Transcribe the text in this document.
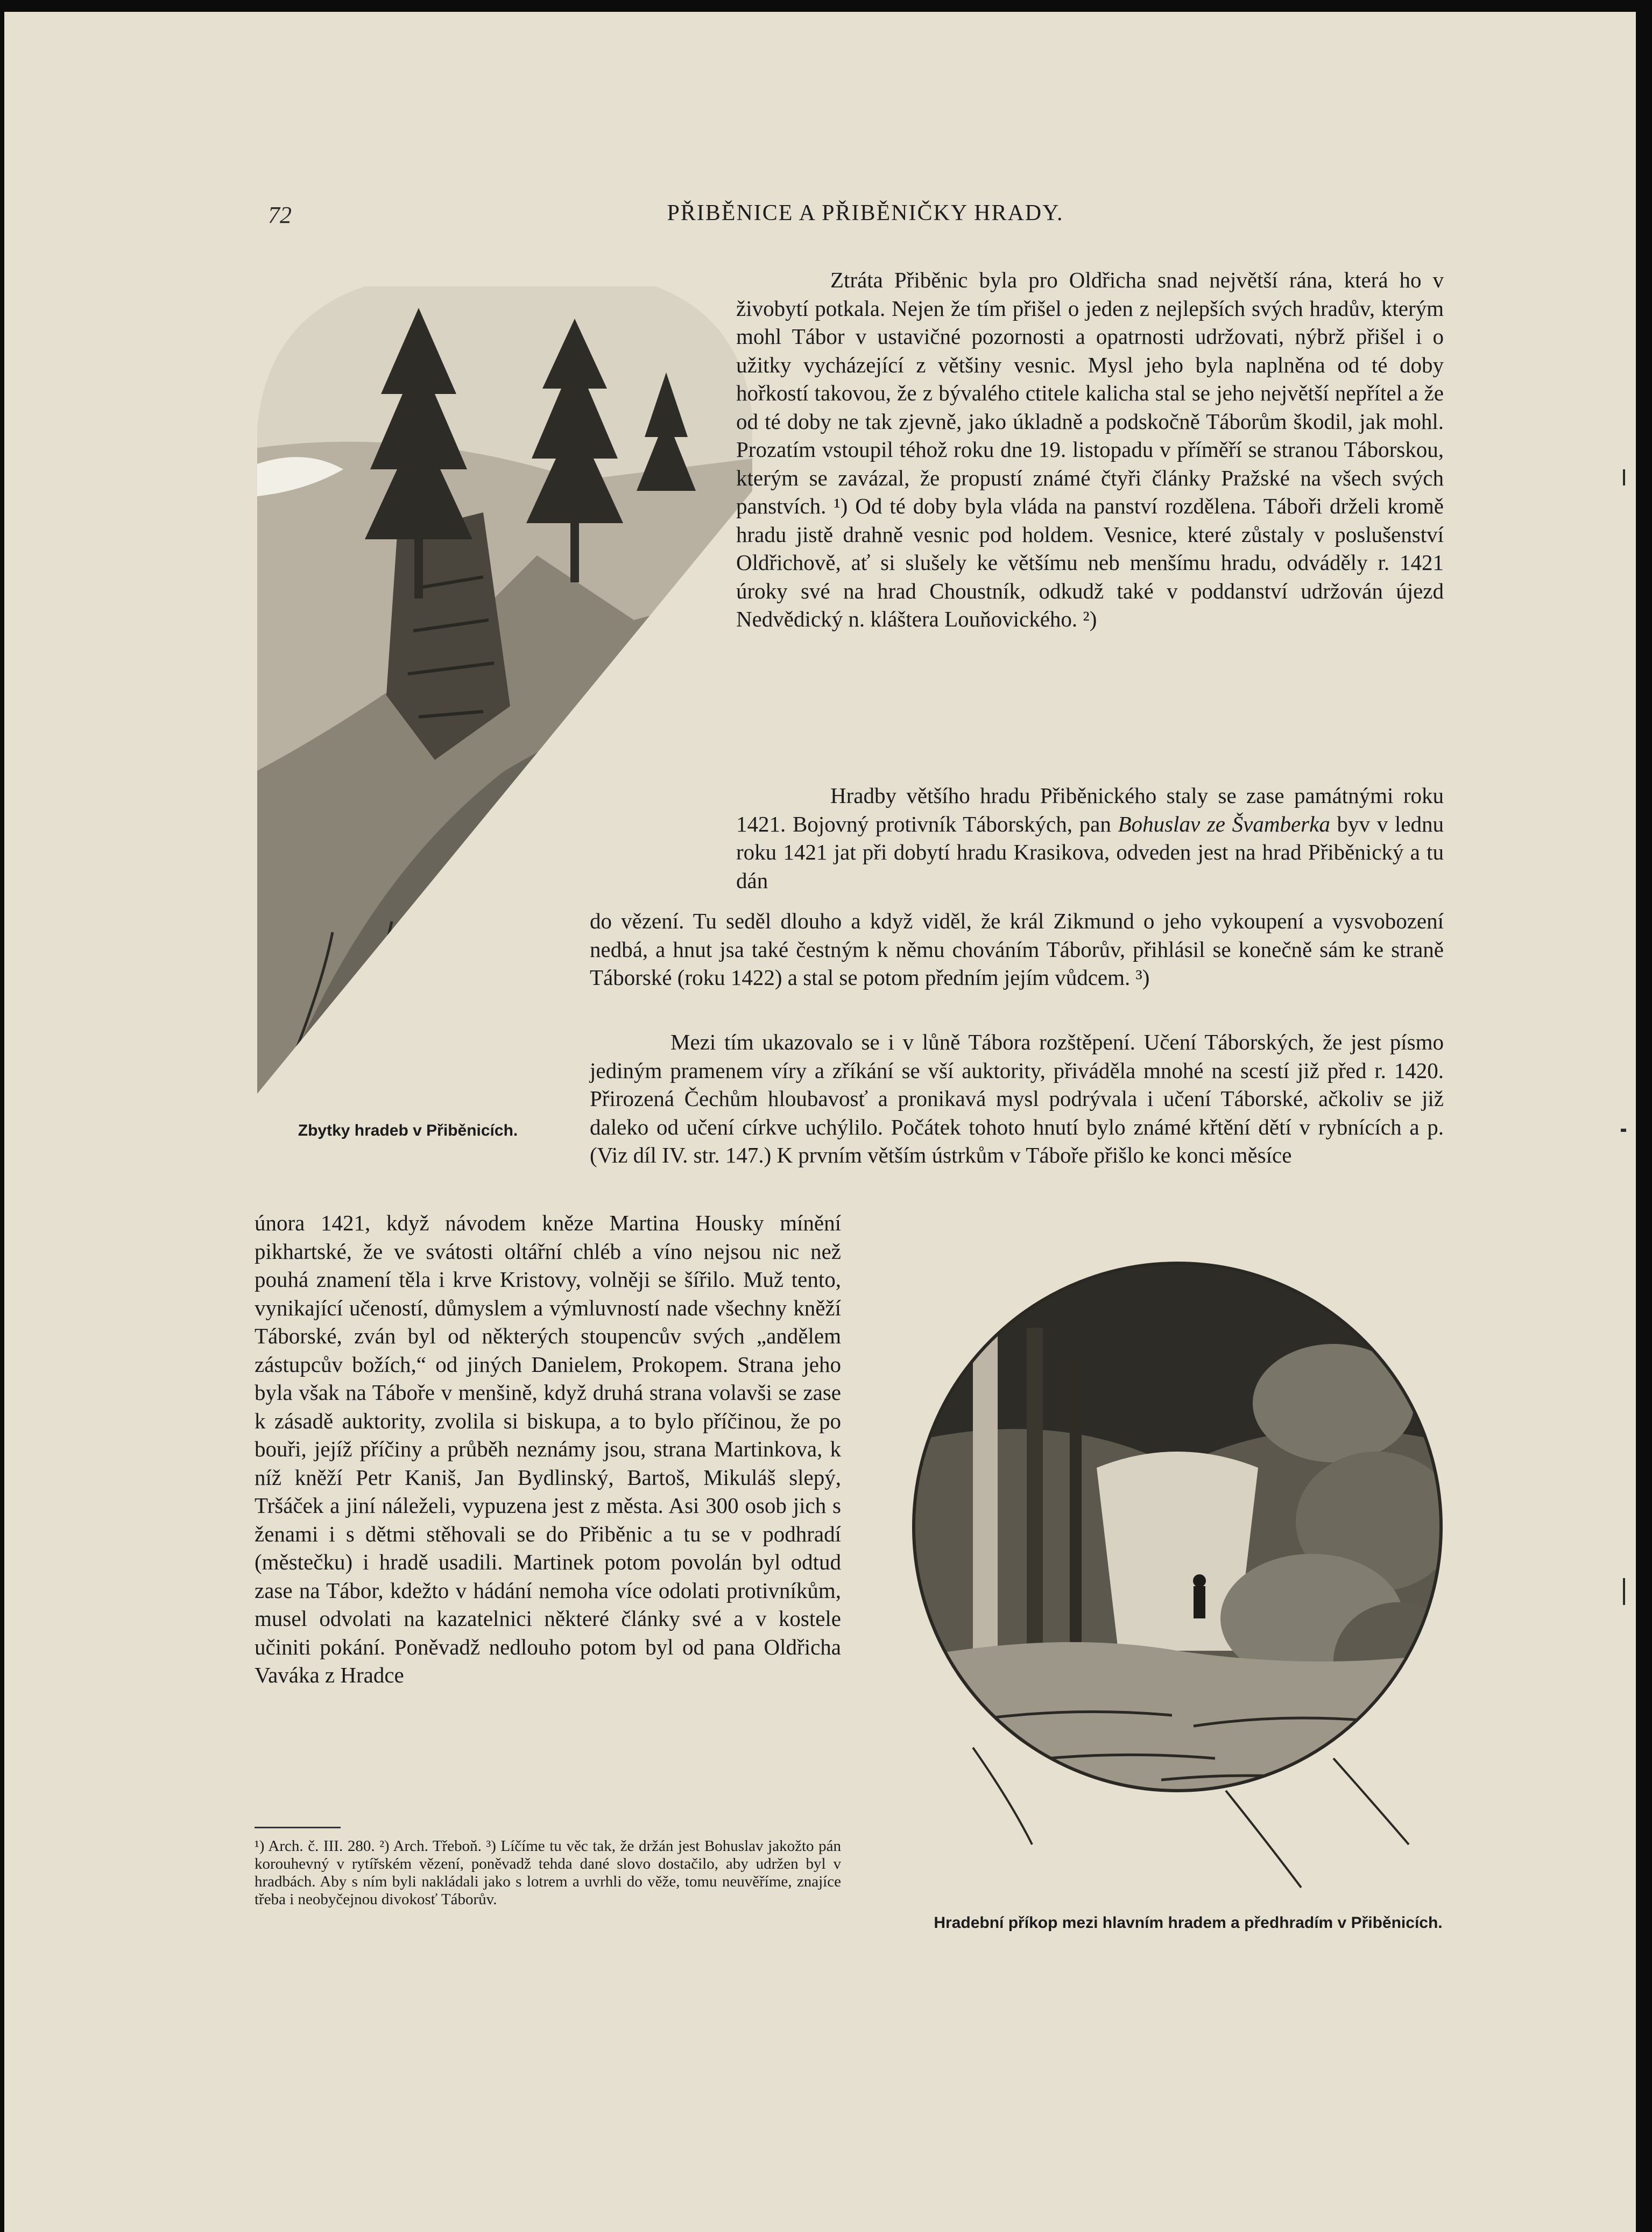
72	PŘIBĚNICE A PŘIBĚNIČKY HRADY.
Zbytky hradeb v Přiběnicích.

Ztráta Přiběnic byla pro Oldřicha snad největší rána, která ho v živobytí potkala. Nejen že tím přišel o jeden z nejlepších svých hradův, kterým mohl Tábor v ustavičné pozornosti a opatrnosti udržovati, nýbrž přišel i o užitky vycházející z většiny vesnic. Mysl jeho byla naplněna od té doby hořkostí takovou, že z bývalého ctitele kalicha stal se jeho největší nepřítel a že od té doby ne tak zjevně, jako úkladně a podskočně Táborům škodil, jak mohl. Prozatím vstoupil téhož roku dne 19. listopadu v příměří se stranou Táborskou, kterým se zavázal, že propustí známé čtyři články Pražské na všech svých panstvích. ¹) Od té doby byla vláda na panství rozdělena. Táboři drželi kromě hradu jistě drahně vesnic pod holdem. Vesnice, které zůstaly v poslušenství Oldřichově, ať si slušely ke většímu neb menšímu hradu, odváděly r. 1421 úroky své na hrad Choustník, odkudž také v poddanství udržován újezd Nedvědický n. kláštera Louňovického. ²)

Hradby většího hradu Přiběnického staly se zase památnými roku 1421. Bojovný protivník Táborských, pan Bohuslav ze Švamberka byv v lednu roku 1421 jat při dobytí hradu Krasikova, odveden jest na hrad Přiběnický a tu dán

do vězení. Tu seděl dlouho a když viděl, že král Zikmund o jeho vykoupení a vysvobození nedbá, a hnut jsa také čestným k němu chováním Táborův, přihlásil se konečně sám ke straně Táborské (roku 1422) a stal se potom předním jejím vůdcem. ³)

Mezi tím ukazovalo se i v lůně Tábora rozštěpení. Učení Táborských, že jest písmo jediným pramenem víry a zříkání se vší auktority, přiváděla mnohé na scestí již před r. 1420. Přirozená Čechům hloubavosť a pronikavá mysl podrývala i učení Táborské, ačkoliv se již daleko od učení církve uchýlilo. Počátek tohoto hnutí bylo známé křtění dětí v rybnících a p. (Viz díl IV. str. 147.) K prvním větším ústrkům v Táboře přišlo ke konci měsíce

února 1421, když návodem kněze Martina Housky mínění pikhartské, že ve svátosti oltářní chléb a víno nejsou nic než pouhá znamení těla i krve Kristovy, volněji se šířilo. Muž tento, vynikající učeností, důmyslem a výmluvností nade všechny kněží Táborské, zván byl od některých stoupencův svých „andělem zástupcův božích,“ od jiných Danielem, Prokopem. Strana jeho byla však na Táboře v menšině, když druhá strana volavši se zase k zásadě auktority, zvolila si biskupa, a to bylo příčinou, že po bouři, jejíž příčiny a průběh neznámy jsou, strana Martinkova, k níž kněží Petr Kaniš, Jan Bydlinský, Bartoš, Mikuláš slepý, Tršáček a jiní náleželi, vypuzena jest z města. Asi 300 osob jich s ženami i s dětmi stěhovali se do Přiběnic a tu se v podhradí (městečku) i hradě usadili. Martinek potom povolán byl odtud zase na Tábor, kdežto v hádání nemoha více odolati protivníkům, musel odvolati na kazatelnici některé články své a v kostele učiniti pokání. Poněvadž nedlouho potom byl od pana Oldřicha Vaváka z Hradce

¹) Arch. č. III. 280. ²) Arch. Třeboň. ³) Líčíme tu věc tak, že držán jest Bohuslav jakožto pán korouhevný v rytířském vězení, poněvadž tehda dané slovo dostačilo, aby udržen byl v hradbách. Aby s ním byli nakládali jako s lotrem a uvrhli do věže, tomu neuvěříme, znajíce třeba i neobyčejnou divokosť Táborův.
Hradební příkop mezi hlavním hradem a předhradím v Přiběnicích.
